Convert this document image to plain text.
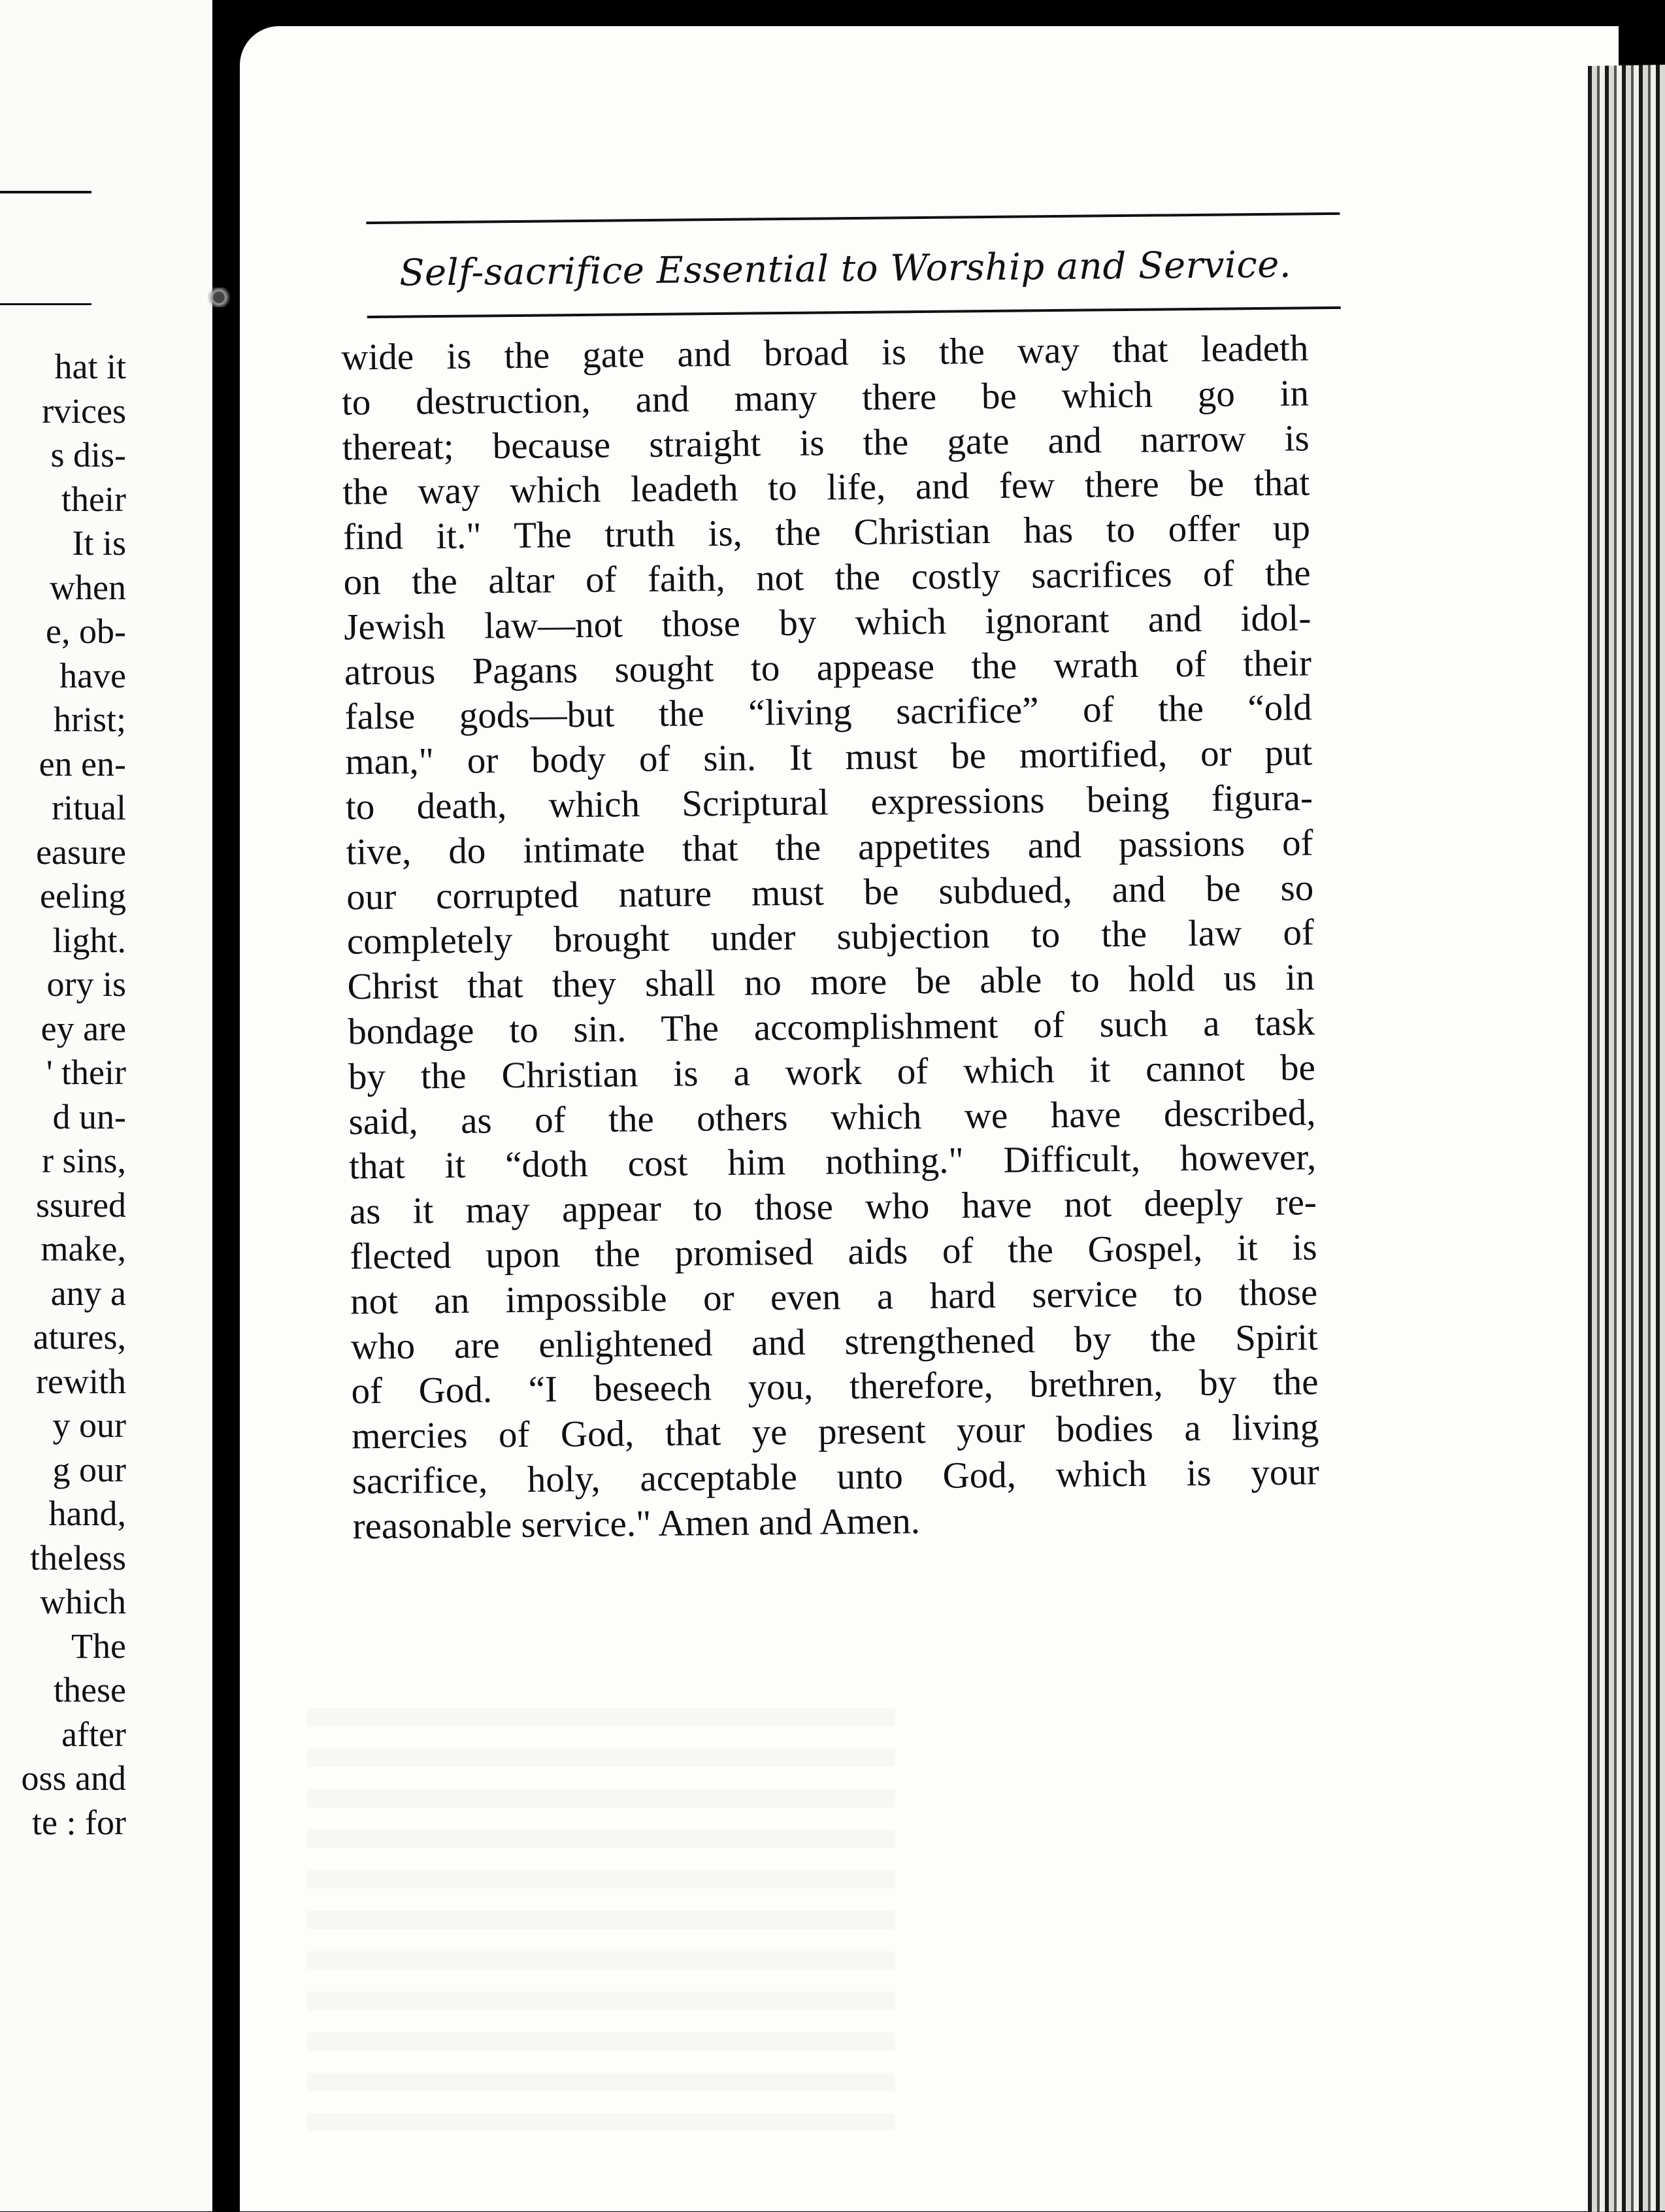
hat it
rvices
s dis-
their
It is
when
e, ob-
have
hrist;
en en-
ritual
easure
eeling
light.
ory is
ey are
' their
d un-
r sins,
ssured
make,
any a
atures,
rewith
y our
g our
hand,
theless
which
The
these
after
oss and
te : for
Self-sacrifice Essential to Worship and Service.
wide is the gate and broad is the way that leadeth
to destruction, and many there be which go in
thereat; because straight is the gate and narrow is
the way which leadeth to life, and few there be that
find it." The truth is, the Christian has to offer up
on the altar of faith, not the costly sacrifices of the
Jewish law—not those by which ignorant and idol-
atrous Pagans sought to appease the wrath of their
false gods—but the “living sacrifice” of the “old
man," or body of sin. It must be mortified, or put
to death, which Scriptural expressions being figura-
tive, do intimate that the appetites and passions of
our corrupted nature must be subdued, and be so
completely brought under subjection to the law of
Christ that they shall no more be able to hold us in
bondage to sin. The accomplishment of such a task
by the Christian is a work of which it cannot be
said, as of the others which we have described,
that it “doth cost him nothing." Difficult, however,
as it may appear to those who have not deeply re-
flected upon the promised aids of the Gospel, it is
not an impossible or even a hard service to those
who are enlightened and strengthened by the Spirit
of God. “I beseech you, therefore, brethren, by the
mercies of God, that ye present your bodies a living
sacrifice, holy, acceptable unto God, which is your
reasonable service." Amen and Amen.
